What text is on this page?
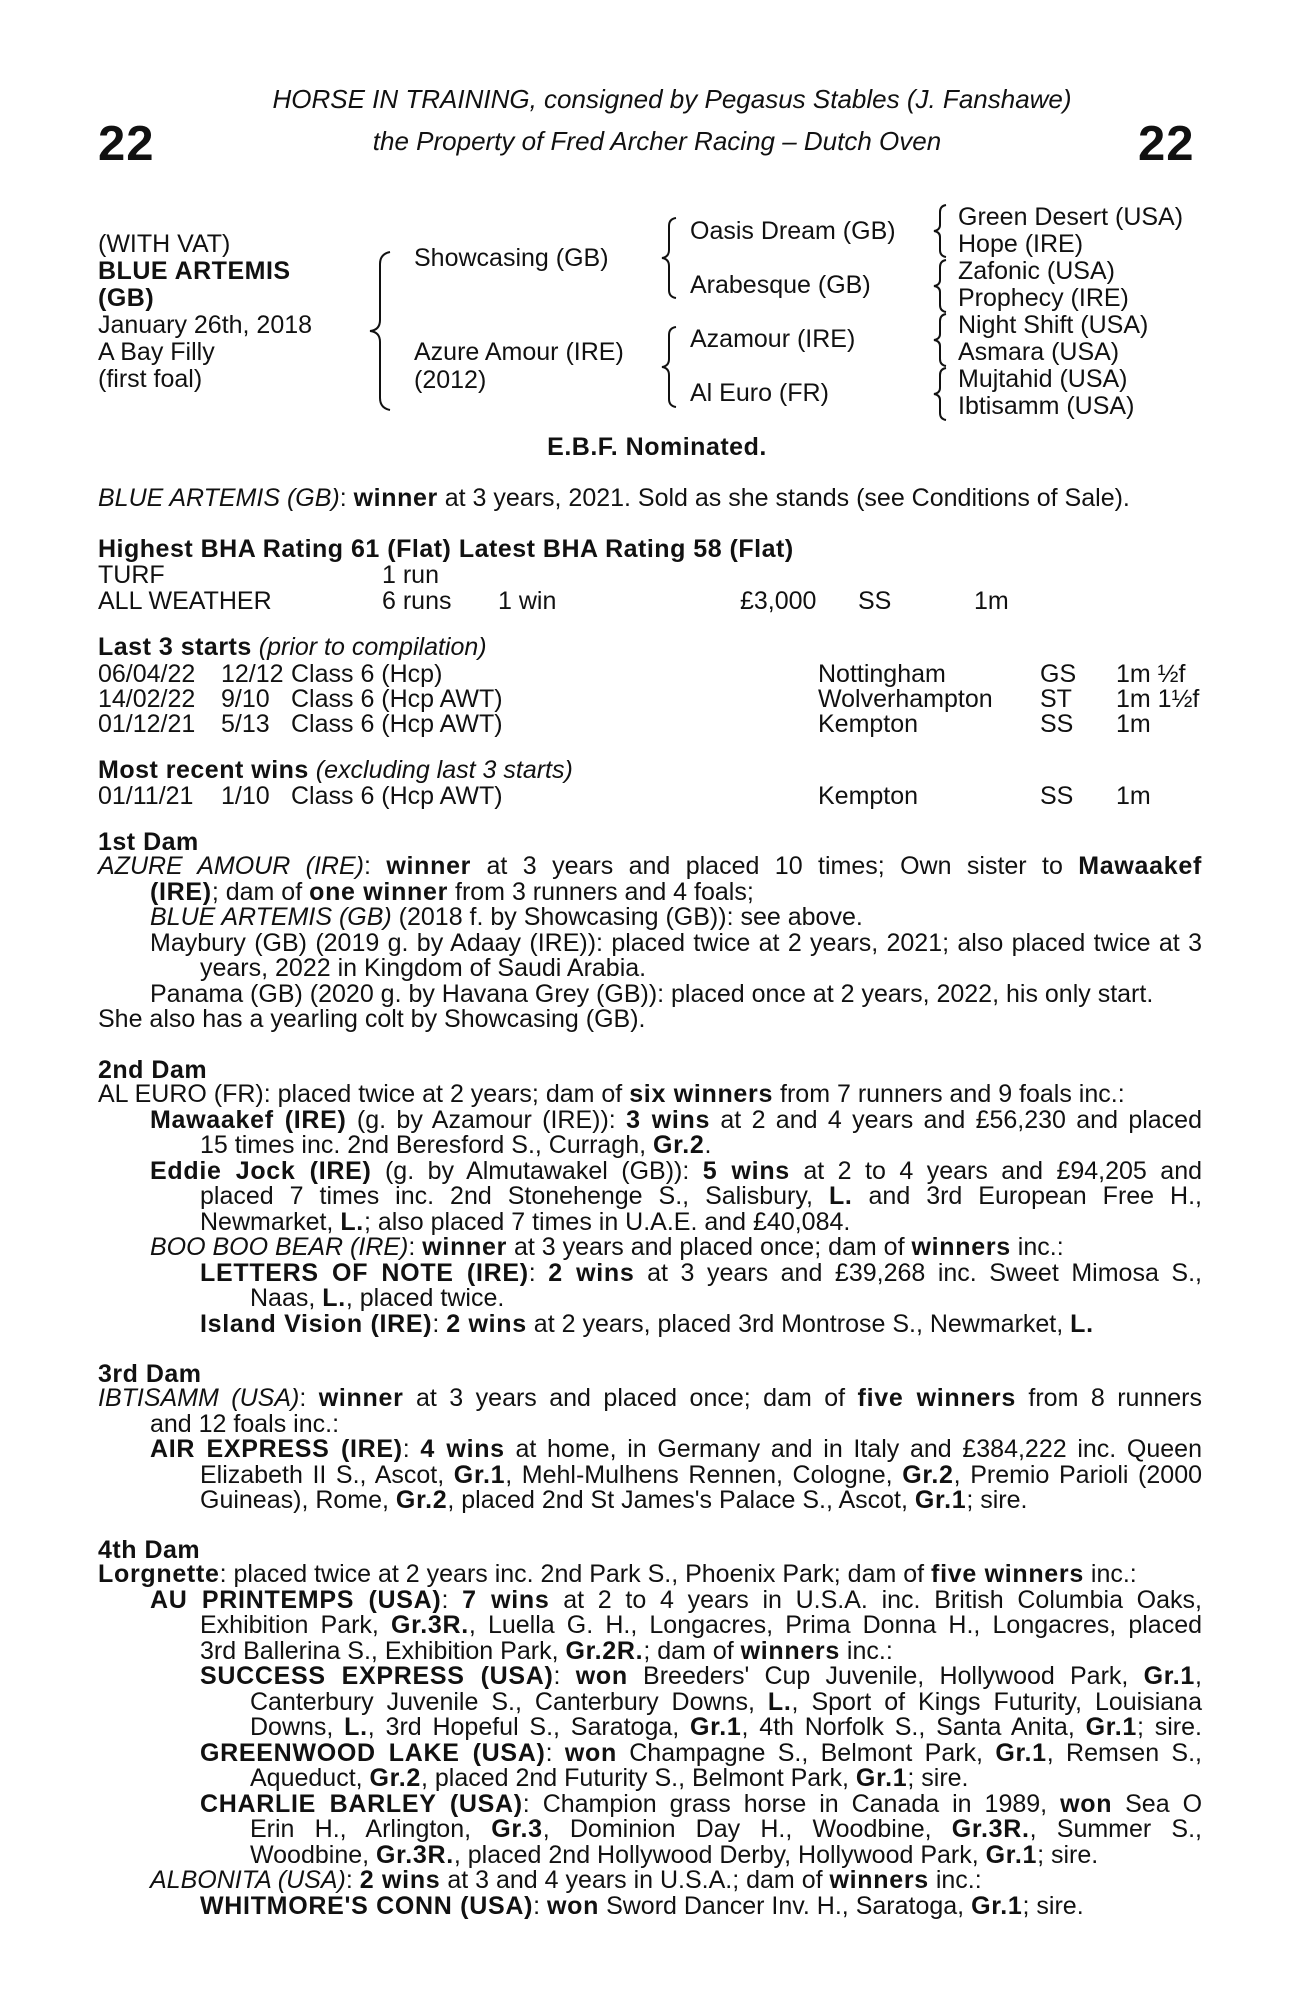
22	22
HORSE IN TRAINING, consigned by Pegasus Stables (J. Fanshawe)
the Property of Fred Archer Racing – Dutch Oven
(WITH VAT)
BLUE ARTEMIS
(GB)
January 26th, 2018
A Bay Filly
(first foal)
Showcasing (GB)
Azure Amour (IRE)
(2012)
Oasis Dream (GB)
Arabesque (GB)
Azamour (IRE)
Al Euro (FR)
Green Desert (USA)
Hope (IRE)
Zafonic (USA)
Prophecy (IRE)
Night Shift (USA)
Asmara (USA)
Mujtahid (USA)
Ibtisamm (USA)
E.B.F. Nominated.
BLUE ARTEMIS (GB): winner at 3 years, 2021. Sold as she stands (see Conditions of Sale).
Highest BHA Rating 61 (Flat) Latest BHA Rating 58 (Flat)
TURF	1 run
ALL WEATHER	6 runs 1 win	£3,000 SS	1m
Last 3 starts (prior to compilation)
06/04/22 12/12 Class 6 (Hcp)	Nottingham	GS 1m ½f
14/02/22 9/10 Class 6 (Hcp AWT)	Wolverhampton ST 1m 1½f
01/12/21 5/13 Class 6 (Hcp AWT)	Kempton	SS 1m
Most recent wins (excluding last 3 starts)
01/11/21 1/10 Class 6 (Hcp AWT)	Kempton	SS 1m
1st Dam
AZURE AMOUR (IRE): winner at 3 years and placed 10 times; Own sister to Mawaakef
(IRE); dam of one winner from 3 runners and 4 foals;
BLUE ARTEMIS (GB) (2018 f. by Showcasing (GB)): see above.
Maybury (GB) (2019 g. by Adaay (IRE)): placed twice at 2 years, 2021; also placed twice at 3
years, 2022 in Kingdom of Saudi Arabia.
Panama (GB) (2020 g. by Havana Grey (GB)): placed once at 2 years, 2022, his only start.
She also has a yearling colt by Showcasing (GB).
2nd Dam
AL EURO (FR): placed twice at 2 years; dam of six winners from 7 runners and 9 foals inc.:
Mawaakef (IRE) (g. by Azamour (IRE)): 3 wins at 2 and 4 years and £56,230 and placed
15 times inc. 2nd Beresford S., Curragh, Gr.2.
Eddie Jock (IRE) (g. by Almutawakel (GB)): 5 wins at 2 to 4 years and £94,205 and
placed 7 times inc. 2nd Stonehenge S., Salisbury, L. and 3rd European Free H.,
Newmarket, L.; also placed 7 times in U.A.E. and £40,084.
BOO BOO BEAR (IRE): winner at 3 years and placed once; dam of winners inc.:
LETTERS OF NOTE (IRE): 2 wins at 3 years and £39,268 inc. Sweet Mimosa S.,
Naas, L., placed twice.
Island Vision (IRE): 2 wins at 2 years, placed 3rd Montrose S., Newmarket, L.
3rd Dam
IBTISAMM (USA): winner at 3 years and placed once; dam of five winners from 8 runners
and 12 foals inc.:
AIR EXPRESS (IRE): 4 wins at home, in Germany and in Italy and £384,222 inc. Queen
Elizabeth II S., Ascot, Gr.1, Mehl-Mulhens Rennen, Cologne, Gr.2, Premio Parioli (2000
Guineas), Rome, Gr.2, placed 2nd St James's Palace S., Ascot, Gr.1; sire.
4th Dam
Lorgnette: placed twice at 2 years inc. 2nd Park S., Phoenix Park; dam of five winners inc.:
AU PRINTEMPS (USA): 7 wins at 2 to 4 years in U.S.A. inc. British Columbia Oaks,
Exhibition Park, Gr.3R., Luella G. H., Longacres, Prima Donna H., Longacres, placed
3rd Ballerina S., Exhibition Park, Gr.2R.; dam of winners inc.:
SUCCESS EXPRESS (USA): won Breeders' Cup Juvenile, Hollywood Park, Gr.1,
Canterbury Juvenile S., Canterbury Downs, L., Sport of Kings Futurity, Louisiana
Downs, L., 3rd Hopeful S., Saratoga, Gr.1, 4th Norfolk S., Santa Anita, Gr.1; sire.
GREENWOOD LAKE (USA): won Champagne S., Belmont Park, Gr.1, Remsen S.,
Aqueduct, Gr.2, placed 2nd Futurity S., Belmont Park, Gr.1; sire.
CHARLIE BARLEY (USA): Champion grass horse in Canada in 1989, won Sea O
Erin H., Arlington, Gr.3, Dominion Day H., Woodbine, Gr.3R., Summer S.,
Woodbine, Gr.3R., placed 2nd Hollywood Derby, Hollywood Park, Gr.1; sire.
ALBONITA (USA): 2 wins at 3 and 4 years in U.S.A.; dam of winners inc.:
WHITMORE'S CONN (USA): won Sword Dancer Inv. H., Saratoga, Gr.1; sire.
